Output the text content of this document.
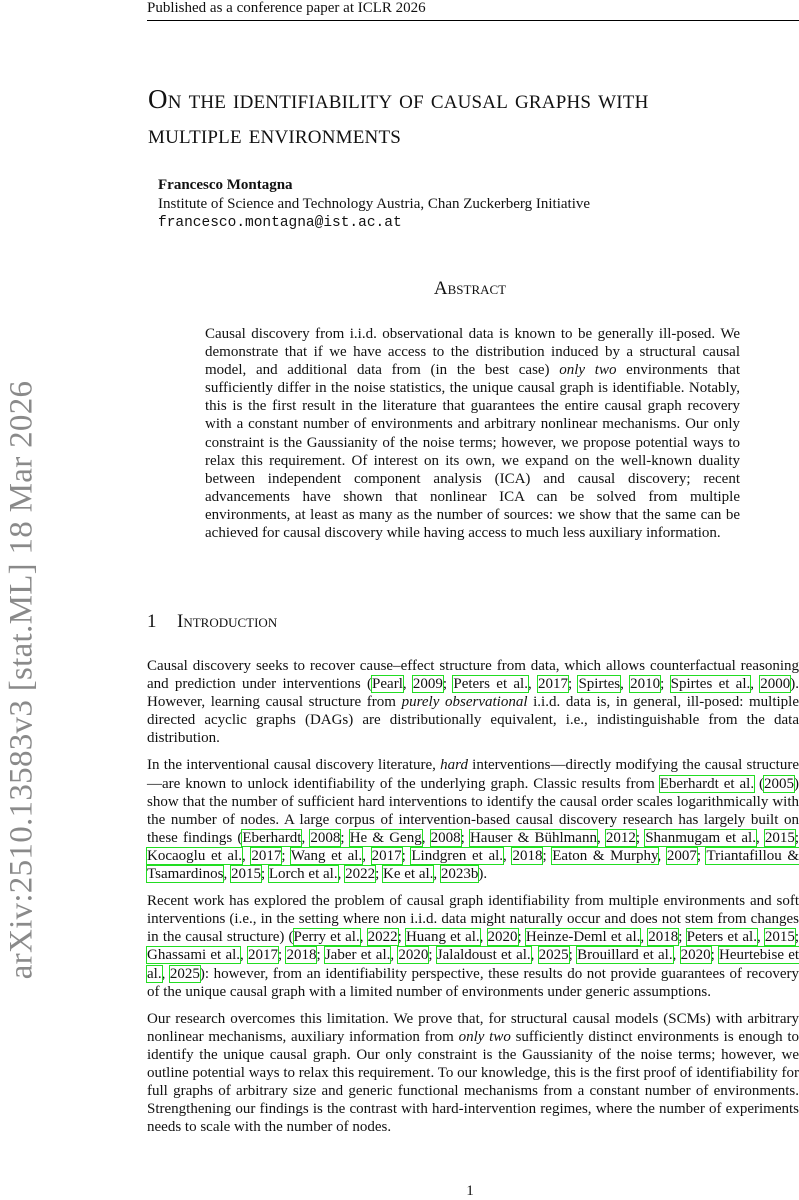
Published as a conference paper at ICLR 2026
arXiv:2510.13583v3 [stat.ML] 18 Mar 2026
On the identifiability of causal graphs with
multiple environments
Francesco Montagna
Institute of Science and Technology Austria, Chan Zuckerberg Initiative
francesco.montagna@ist.ac.at
Abstract
Causal discovery from i.i.d. observational data is known to be generally ill-posed. We demonstrate that if we have access to the distribution induced by a structural causal model, and additional data from (in the best case) only two environments that sufficiently differ in the noise statistics, the unique causal graph is identifiable. Notably, this is the first result in the literature that guarantees the entire causal graph recovery with a constant number of environments and arbitrary nonlinear mechanisms. Our only constraint is the Gaussianity of the noise terms; however, we propose potential ways to relax this requirement. Of interest on its own, we expand on the well-known duality between independent component analysis (ICA) and causal discovery; recent advancements have shown that nonlinear ICA can be solved from multiple environments, at least as many as the number of sources: we show that the same can be achieved for causal discovery while having access to much less auxiliary information.
1 Introduction

Causal discovery seeks to recover cause–effect structure from data, which allows counterfactual reasoning and prediction under interventions (Pearl, 2009; Peters et al., 2017; Spirtes, 2010; Spirtes et al., 2000). However, learning causal structure from purely observational i.i.d. data is, in general, ill-posed: multiple directed acyclic graphs (DAGs) are distributionally equivalent, i.e., indistinguishable from the data distribution.

In the interventional causal discovery literature, hard interventions—directly modifying the causal structure—are known to unlock identifiability of the underlying graph. Classic results from Eberhardt et al. (2005) show that the number of sufficient hard interventions to identify the causal order scales logarithmically with the number of nodes. A large corpus of intervention-based causal discovery research has largely built on these findings (Eberhardt, 2008; He & Geng, 2008; Hauser & Bühlmann, 2012; Shanmugam et al., 2015; Kocaoglu et al., 2017; Wang et al., 2017; Lindgren et al., 2018; Eaton & Murphy, 2007; Triantafillou & Tsamardinos, 2015; Lorch et al., 2022; Ke et al., 2023b).

Recent work has explored the problem of causal graph identifiability from multiple environments and soft interventions (i.e., in the setting where non i.i.d. data might naturally occur and does not stem from changes in the causal structure) (Perry et al., 2022; Huang et al., 2020; Heinze-Deml et al., 2018; Peters et al., 2015; Ghassami et al., 2017; 2018; Jaber et al., 2020; Jalaldoust et al., 2025; Brouillard et al., 2020; Heurtebise et al., 2025): however, from an identifiability perspective, these results do not provide guarantees of recovery of the unique causal graph with a limited number of environments under generic assumptions.

Our research overcomes this limitation. We prove that, for structural causal models (SCMs) with arbitrary nonlinear mechanisms, auxiliary information from only two sufficiently distinct environments is enough to identify the unique causal graph. Our only constraint is the Gaussianity of the noise terms; however, we outline potential ways to relax this requirement. To our knowledge, this is the first proof of identifiability for full graphs of arbitrary size and generic functional mechanisms from a constant number of environments. Strengthening our findings is the contrast with hard-intervention regimes, where the number of experiments needs to scale with the number of nodes.

1
